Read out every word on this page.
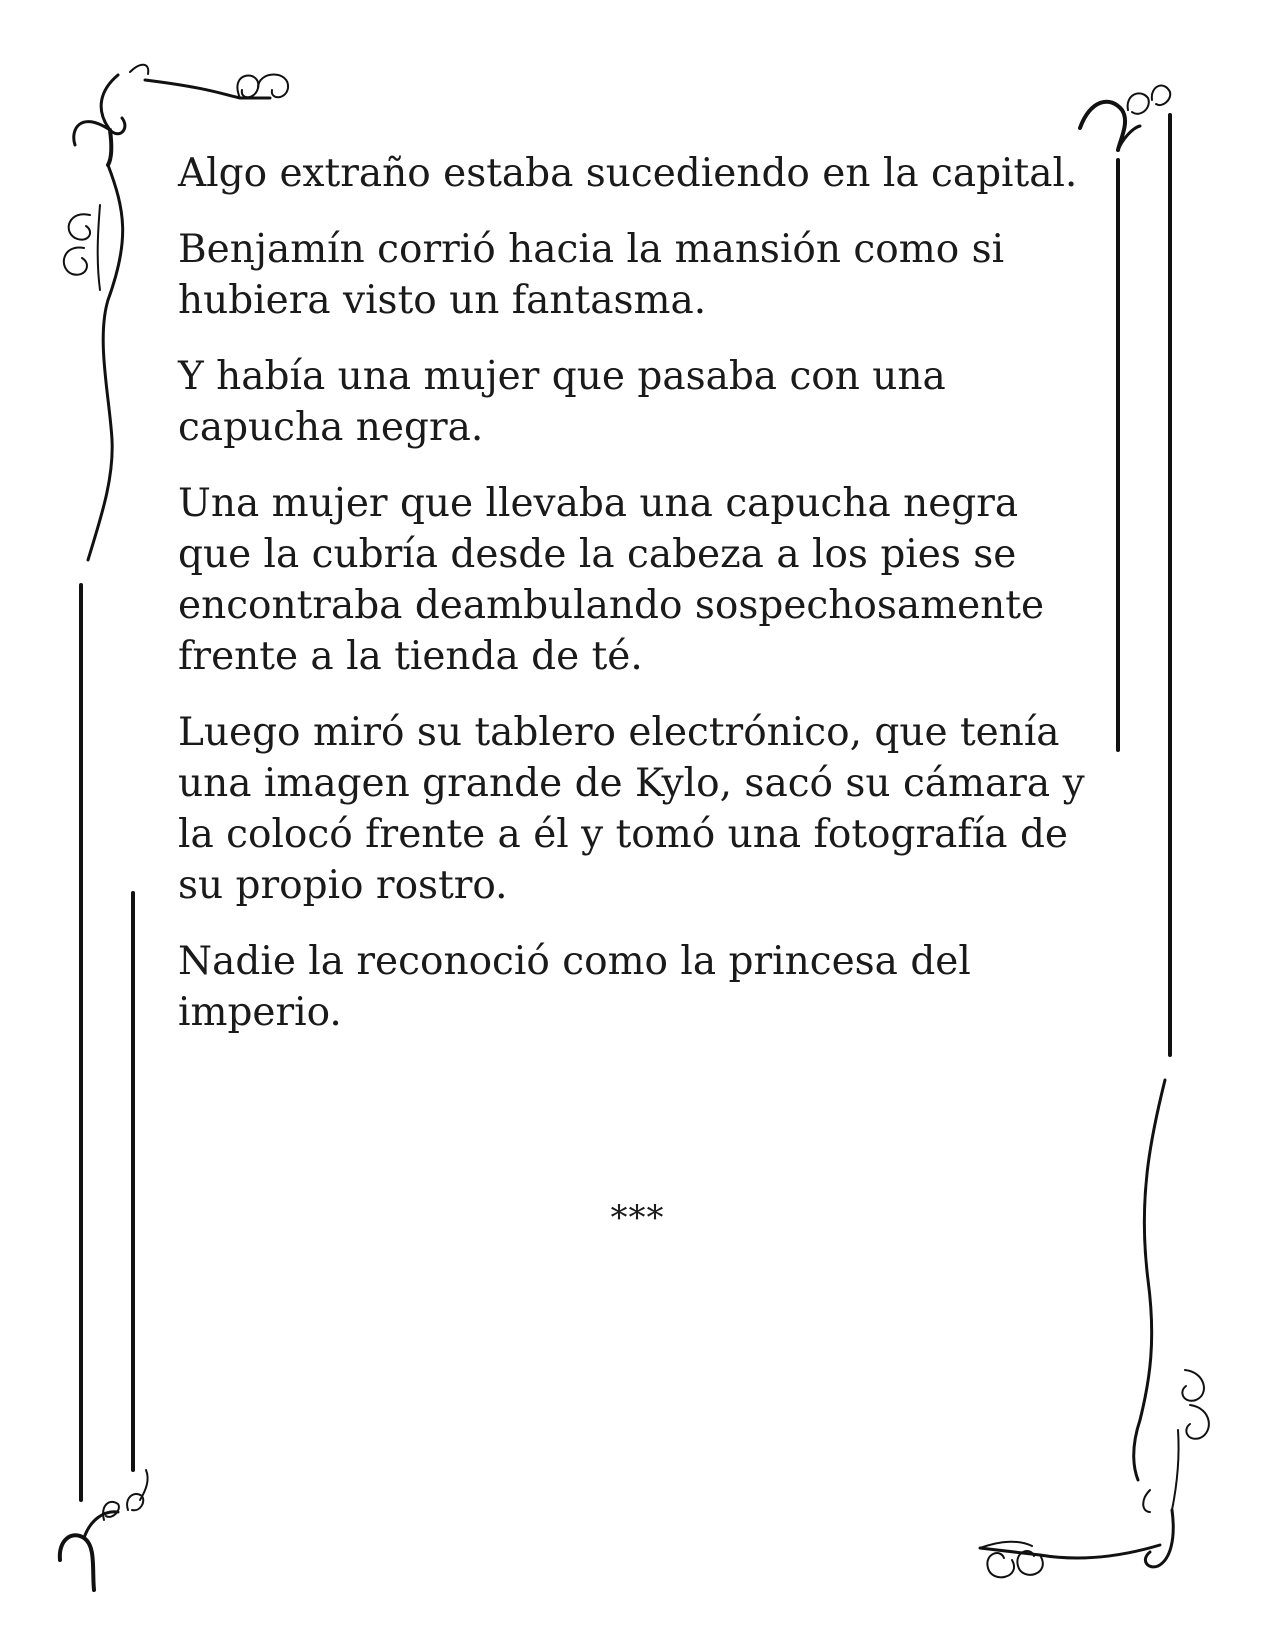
Algo extraño estaba sucediendo en la capital.

Benjamín corrió hacia la mansión como si hubiera visto un fantasma.

Y había una mujer que pasaba con una capucha negra.

Una mujer que llevaba una capucha negra que la cubría desde la cabeza a los pies se encontraba deambulando sospechosamente frente a la tienda de té.

Luego miró su tablero electrónico, que tenía una imagen grande de Kylo, sacó su cámara y la colocó frente a él y tomó una fotografía de su propio rostro.

Nadie la reconoció como la princesa del imperio.

***
